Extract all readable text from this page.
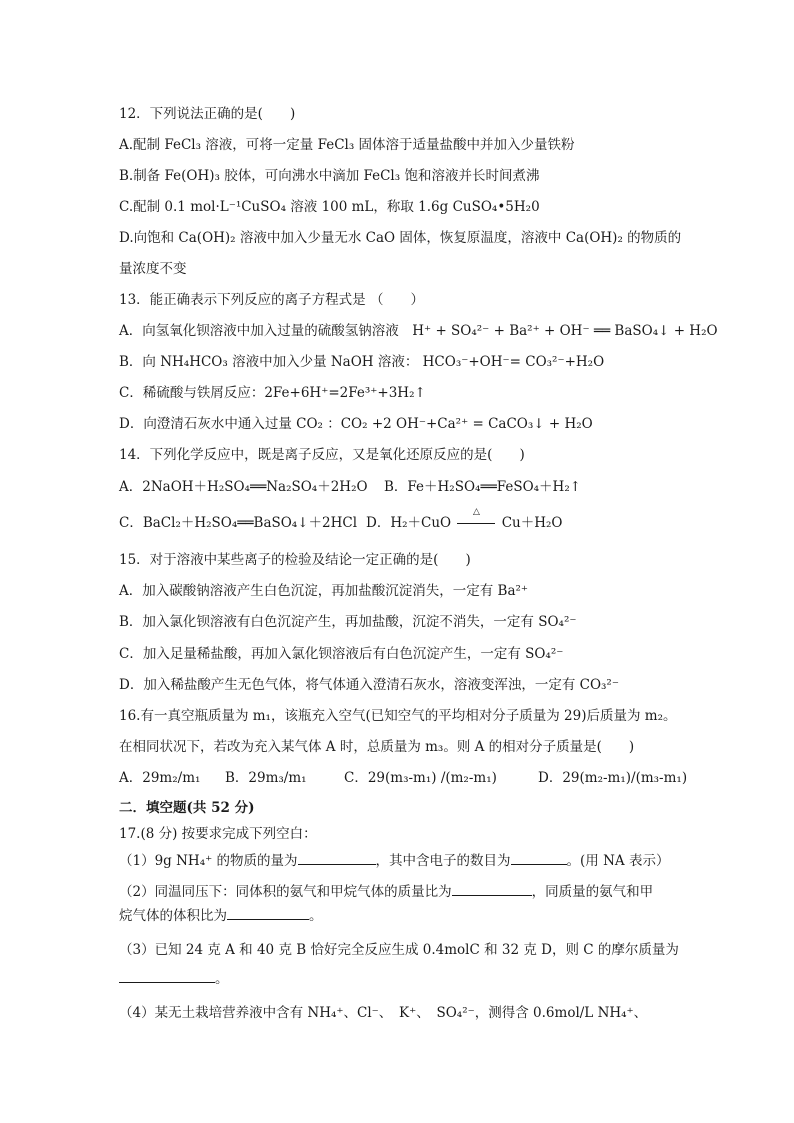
12．下列说法正确的是(　　)
A.配制 FeCl₃ 溶液，可将一定量 FeCl₃ 固体溶于适量盐酸中并加入少量铁粉
B.制备 Fe(OH)₃ 胶体，可向沸水中滴加 FeCl₃ 饱和溶液并长时间煮沸
C.配制 0.1 mol·L⁻¹CuSO₄ 溶液 100 mL，称取 1.6g CuSO₄•5H₂0
D.向饱和 Ca(OH)₂ 溶液中加入少量无水 CaO 固体，恢复原温度，溶液中 Ca(OH)₂ 的物质的
量浓度不变
13．能正确表示下列反应的离子方程式是 （　　）
A．向氢氧化钡溶液中加入过量的硫酸氢钠溶液　H⁺ + SO₄²⁻ + Ba²⁺ + OH⁻ ══ BaSO₄↓ + H₂O
B．向 NH₄HCO₃ 溶液中加入少量 NaOH 溶液： HCO₃⁻+OH⁻= CO₃²⁻+H₂O
C．稀硫酸与铁屑反应：2Fe+6H⁺=2Fe³⁺+3H₂↑
D．向澄清石灰水中通入过量 CO₂ ：CO₂ +2 OH⁻+Ca²⁺ = CaCO₃↓ + H₂O
14．下列化学反应中，既是离子反应，又是氧化还原反应的是(　　)
A．2NaOH＋H₂SO₄══Na₂SO₄＋2H₂O B．Fe＋H₂SO₄══FeSO₄＋H₂↑
C．BaCl₂＋H₂SO₄══BaSO₄↓＋2HCl D．H₂＋CuO
△
Cu＋H₂O
15．对于溶液中某些离子的检验及结论一定正确的是(　　)
A．加入碳酸钠溶液产生白色沉淀，再加盐酸沉淀消失，一定有 Ba²⁺
B．加入氯化钡溶液有白色沉淀产生，再加盐酸，沉淀不消失，一定有 SO₄²⁻
C．加入足量稀盐酸，再加入氯化钡溶液后有白色沉淀产生，一定有 SO₄²⁻
D．加入稀盐酸产生无色气体，将气体通入澄清石灰水，溶液变浑浊，一定有 CO₃²⁻
16.有一真空瓶质量为 m₁，该瓶充入空气(已知空气的平均相对分子质量为 29)后质量为 m₂。
在相同状况下，若改为充入某气体 A 时，总质量为 m₃。则 A 的相对分子质量是(　　)
A．29m₂/m₁ B．29m₃/m₁	C．29(m₃-m₁) /(m₂-m₁)	D．29(m₂-m₁)/(m₃-m₁)
二．填空题(共 52 分)
17.(8 分) 按要求完成下列空白：
（1）9g NH₄⁺ 的物质的量为	，其中含电子的数目为	。(用 NA 表示）
（2）同温同压下：同体积的氨气和甲烷气体的质量比为	，同质量的氨气和甲
烷气体的体积比为	。
（3）已知 24 克 A 和 40 克 B 恰好完全反应生成 0.4molC 和 32 克 D，则 C 的摩尔质量为
。
（4）某无土栽培营养液中含有 NH₄⁺、Cl⁻、　K⁺、　SO₄²⁻，测得含 0.6mol/L NH₄⁺、
